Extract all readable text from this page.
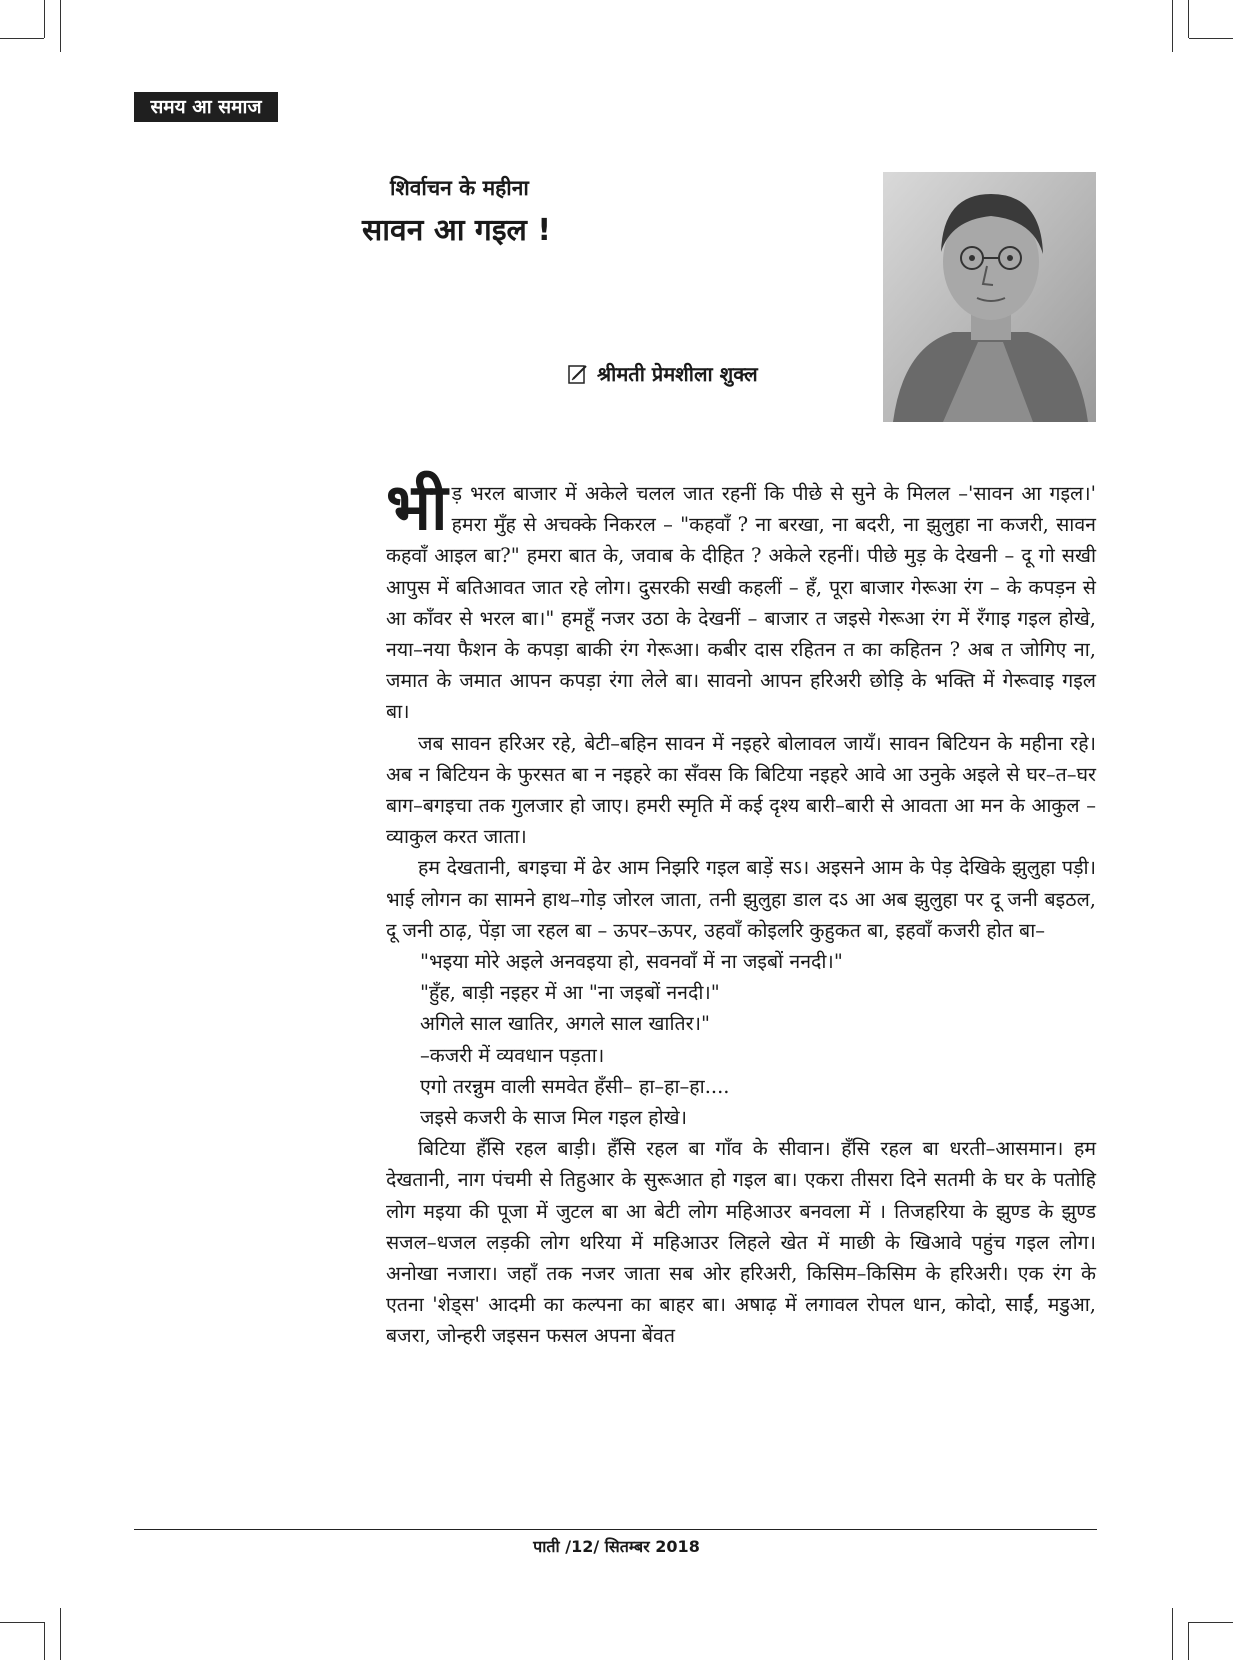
समय आ समाज
शिर्वाचन के महीना
सावन आ गइल !
श्रीमती प्रेमशीला शुक्ल

भीड़ भरल बाजार में अकेले चलल जात रहनीं कि पीछे से सुने के मिलल –'सावन आ गइल।' हमरा मुँह से अचक्के निकरल – "कहवाँ ? ना बरखा, ना बदरी, ना झुलुहा ना कजरी, सावन कहवाँ आइल बा?" हमरा बात के, जवाब के दीहित ? अकेले रहनीं। पीछे मुड़ के देखनी – दू गो सखी आपुस में बतिआवत जात रहे लोग। दुसरकी सखी कहलीं – हँ, पूरा बाजार गेरूआ रंग – के कपड़न से आ काँवर से भरल बा।" हमहूँ नजर उठा के देखनीं – बाजार त जइसे गेरूआ रंग में रँगाइ गइल होखे, नया–नया फैशन के कपड़ा बाकी रंग गेरूआ। कबीर दास रहितन त का कहितन ? अब त जोगिए ना, जमात के जमात आपन कपड़ा रंगा लेले बा। सावनो आपन हरिअरी छोड़ि के भक्ति में गेरूवाइ गइल बा।

जब सावन हरिअर रहे, बेटी–बहिन सावन में नइहरे बोलावल जायँ। सावन बिटियन के महीना रहे। अब न बिटियन के फुरसत बा न नइहरे का सँवस कि बिटिया नइहरे आवे आ उनुके अइले से घर–त–घर बाग–बगइचा तक गुलजार हो जाए। हमरी स्मृति में कई दृश्य बारी–बारी से आवता आ मन के आकुल – व्याकुल करत जाता।

हम देखतानी, बगइचा में ढेर आम निझरि गइल बाड़ें सऽ। अइसने आम के पेड़ देखिके झुलुहा पड़ी। भाई लोगन का सामने हाथ–गोड़ जोरल जाता, तनी झुलुहा डाल दऽ आ अब झुलुहा पर दू जनी बइठल, दू जनी ठाढ़, पेंड़ा जा रहल बा – ऊपर–ऊपर, उहवाँ कोइलरि कुहुकत बा, इहवाँ कजरी होत बा–

"भइया मोरे अइले अनवइया हो, सवनवाँ में ना जइबों ननदी।"

"हुँह, बाड़ी नइहर में आ "ना जइबों ननदी।"

अगिले साल खातिर, अगले साल खातिर।"

–कजरी में व्यवधान पड़ता।

एगो तरन्नुम वाली समवेत हँसी– हा–हा–हा....

जइसे कजरी के साज मिल गइल होखे।

बिटिया हँसि रहल बाड़ी। हँसि रहल बा गाँव के सीवान। हँसि रहल बा धरती–आसमान। हम देखतानी, नाग पंचमी से तिहुआर के सुरूआत हो गइल बा। एकरा तीसरा दिने सतमी के घर के पतोहि लोग मइया की पूजा में जुटल बा आ बेटी लोग महिआउर बनवला में । तिजहरिया के झुण्ड के झुण्ड सजल–धजल लड़की लोग थरिया में महिआउर लिहले खेत में माछी के खिआवे पहुंच गइल लोग। अनोखा नजारा। जहाँ तक नजर जाता सब ओर हरिअरी, किसिम–किसिम के हरिअरी। एक रंग के एतना 'शेड्स' आदमी का कल्पना का बाहर बा। अषाढ़ में लगावल रोपल धान, कोदो, साईं, मडुआ, बजरा, जोन्हरी जइसन फसल अपना बेंवत

पाती /12/ सितम्बर 2018
